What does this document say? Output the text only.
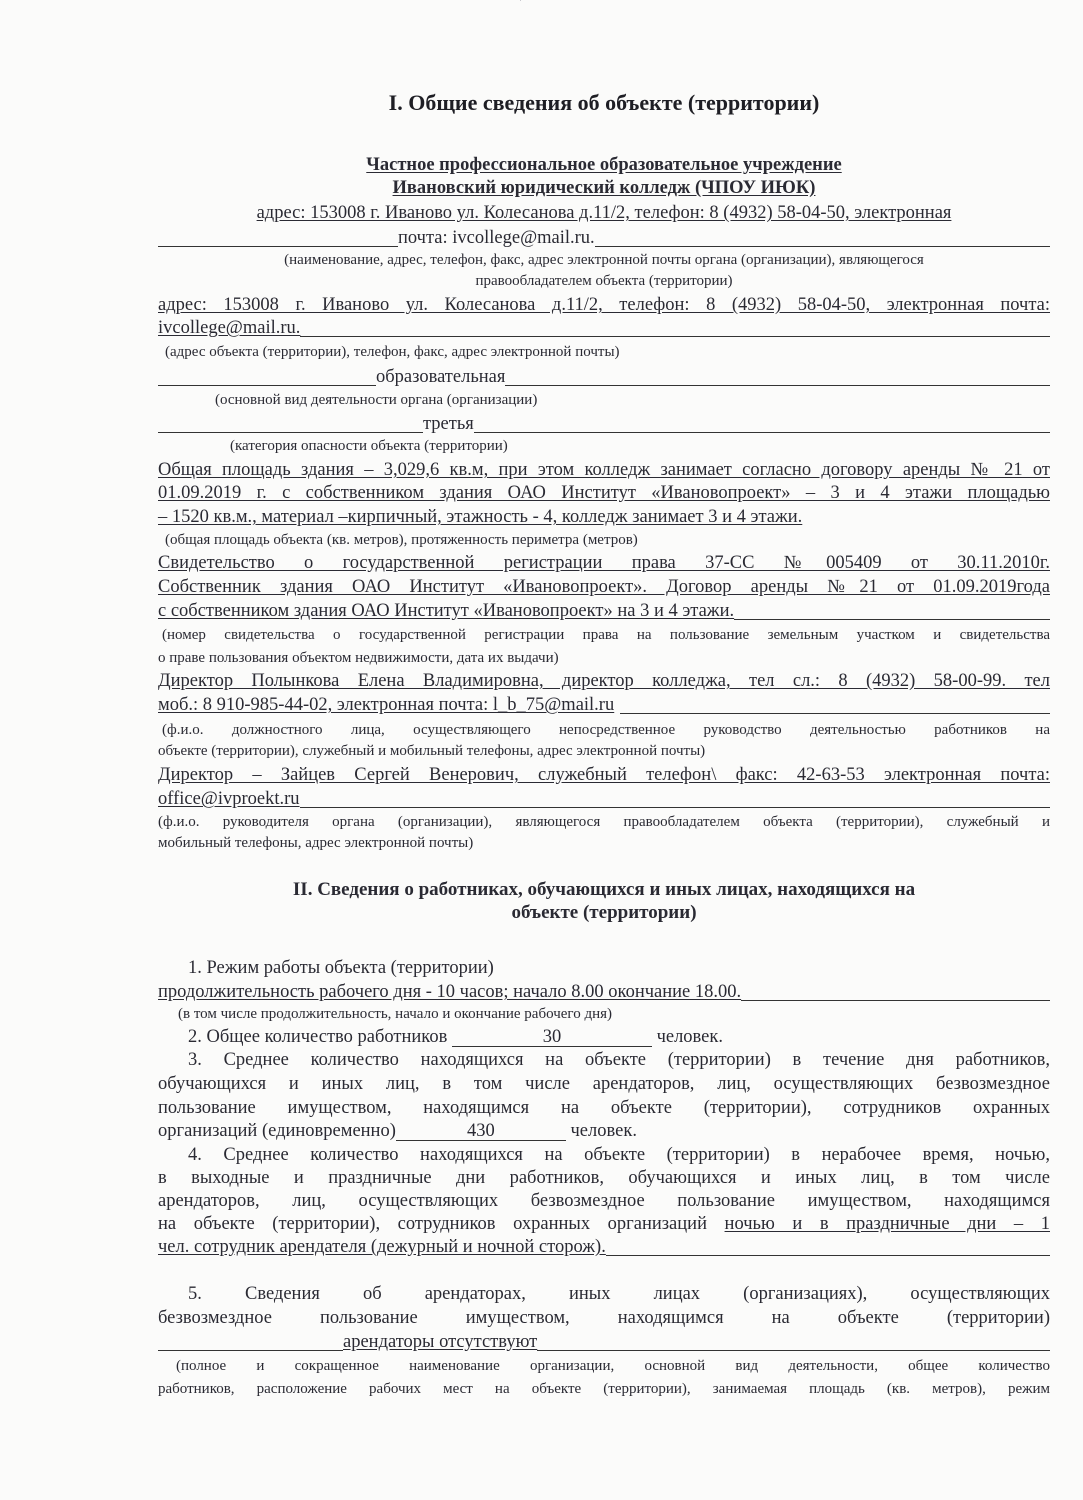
I. Общие сведения об объекте (территории)
Частное профессиональное образовательное учреждение
Ивановский юридический колледж (ЧПОУ ИЮК)
адрес: 153008 г. Иваново ул. Колесанова д.11/2, телефон: 8 (4932) 58-04-50, электронная
почта: ivcollege@mail.ru.
(наименование, адрес, телефон, факс, адрес электронной почты органа (организации), являющегося
правообладателем объекта (территории)
адрес: 153008 г. Иваново ул. Колесанова д.11/2, телефон: 8 (4932) 58-04-50, электронная почта:
ivcollege@mail.ru.
(адрес объекта (территории), телефон, факс, адрес электронной почты)
образовательная
(основной вид деятельности органа (организации)
третья
(категория опасности объекта (территории)
Общая площадь здания – 3,029,6 кв.м, при этом колледж занимает согласно договору аренды № 21 от
01.09.2019 г. с собственником здания ОАО Институт «Ивановопроект» – 3 и 4 этажи площадью
– 1520 кв.м., материал –кирпичный, этажность - 4, колледж занимает 3 и 4 этажи.
(общая площадь объекта (кв. метров), протяженность периметра (метров)
Свидетельство о государственной регистрации права 37-СС №005409 от 30.11.2010г.
Собственник здания ОАО Институт «Ивановопроект». Договор аренды №21 от 01.09.2019года
с собственником здания ОАО Институт «Ивановопроект» на 3 и 4 этажи.
(номер свидетельства о государственной регистрации права на пользование земельным участком и свидетельства
о праве пользования объектом недвижимости, дата их выдачи)
Директор Полынкова Елена Владимировна, директор колледжа, тел сл.: 8 (4932) 58-00-99. тел
моб.: 8 910-985-44-02, электронная почта: l_b_75@mail.ru
(ф.и.о. должностного лица, осуществляющего непосредственное руководство деятельностью работников на
объекте (территории), служебный и мобильный телефоны, адрес электронной почты)
Директор – Зайцев Сергей Венерович, служебный телефон\ факс: 42-63-53 электронная почта:
office@ivproekt.ru
(ф.и.о. руководителя органа (организации), являющегося правообладателем объекта (территории), служебный и
мобильный телефоны, адрес электронной почты)
II. Сведения о работниках, обучающихся и иных лицах, находящихся на
объекте (территории)
1. Режим работы объекта (территории)
продолжительность рабочего дня - 10 часов; начало 8.00 окончание 18.00.
(в том числе продолжительность, начало и окончание рабочего дня)
2. Общее количество работников	30	человек.
3. Среднее количество находящихся на объекте (территории) в течение дня работников,
обучающихся и иных лиц, в том числе арендаторов, лиц, осуществляющих безвозмездное
пользование имуществом, находящимся на объекте (территории), сотрудников охранных
организаций (единовременно)	430	человек.
4. Среднее количество находящихся на объекте (территории) в нерабочее время, ночью,
в выходные и праздничные дни работников, обучающихся и иных лиц, в том числе
арендаторов, лиц, осуществляющих безвозмездное пользование имуществом, находящимся
на объекте (территории), сотрудников охранных организаций ночью и в праздничные дни – 1
чел. сотрудник арендателя (дежурный и ночной сторож).
5. Сведения об арендаторах, иных лицах (организациях), осуществляющих
безвозмездное пользование имуществом, находящимся на объекте (территории)
арендаторы отсутствуют
(полное и сокращенное наименование организации, основной вид деятельности, общее количество
работников, расположение рабочих мест на объекте (территории), занимаемая площадь (кв. метров), режим
